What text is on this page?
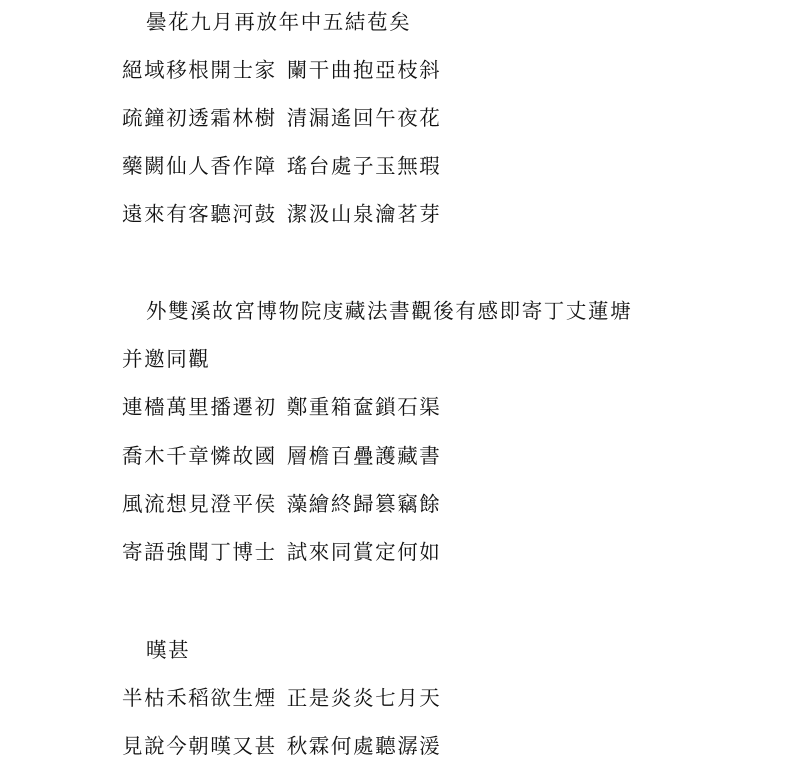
曇花九月再放年中五結苞矣
絕域移根開士家 闌干曲抱亞枝斜
疏鐘初透霜林樹 清漏遙回午夜花
藥闕仙人香作障 瑤台處子玉無瑕
遠來有客聽河鼓 潔汲山泉瀹茗芽
外雙溪故宮博物院庋藏法書觀後有感即寄丁丈蓮塘
并邀同觀
連檣萬里播遷初 鄭重箱奩鎖石渠
喬木千章憐故國 層檐百疊護藏書
風流想見澄平侯 藻繪終歸篡竊餘
寄語強聞丁博士 試來同賞定何如
暵甚
半枯禾稻欲生煙 正是炎炎七月天
見說今朝暵又甚 秋霖何處聽潺湲
